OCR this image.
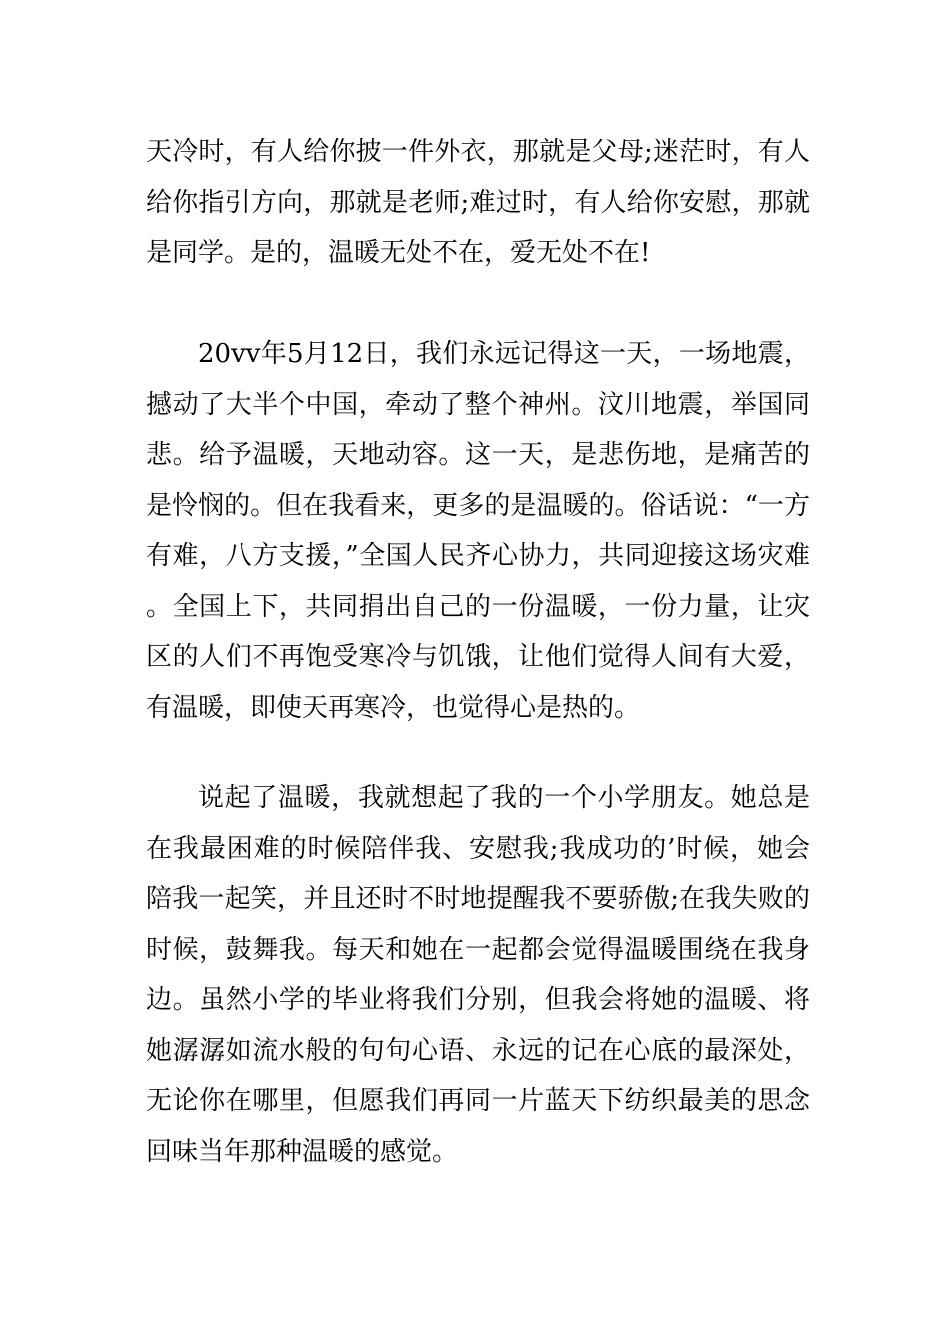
天冷时，有人给你披一件外衣，那就是父母;迷茫时，有人给你指引方向，那就是老师;难过时，有人给你安慰，那就是同学。是的，温暖无处不在，爱无处不在!

20vv年5月12日，我们永远记得这一天，一场地震，撼动了大半个中国，牵动了整个神州。汶川地震，举国同悲。给予温暖，天地动容。这一天，是悲伤地，是痛苦的是怜悯的。但在我看来，更多的是温暖的。俗话说：“一方有难，八方支援，”全国人民齐心协力，共同迎接这场灾难。全国上下，共同捐出自己的一份温暖，一份力量，让灾区的人们不再饱受寒冷与饥饿，让他们觉得人间有大爱，有温暖，即使天再寒冷，也觉得心是热的。

说起了温暖，我就想起了我的一个小学朋友。她总是在我最困难的时候陪伴我、安慰我;我成功的’时候，她会陪我一起笑，并且还时不时地提醒我不要骄傲;在我失败的时候，鼓舞我。每天和她在一起都会觉得温暖围绕在我身边。虽然小学的毕业将我们分别，但我会将她的温暖、将她潺潺如流水般的句句心语、永远的记在心底的最深处，无论你在哪里，但愿我们再同一片蓝天下纺织最美的思念回味当年那种温暖的感觉。
